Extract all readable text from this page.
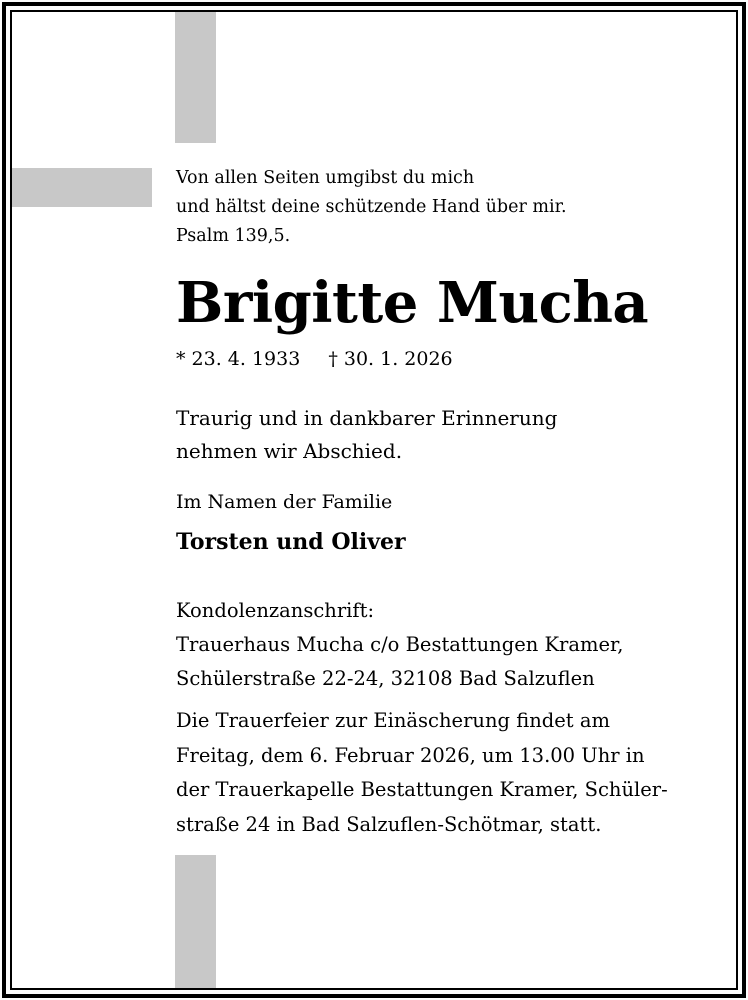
Von allen Seiten umgibst du mich
und hältst deine schützende Hand über mir.
Psalm 139,5.
Brigitte Mucha
* 23. 4. 1933 † 30. 1. 2026
Traurig und in dankbarer Erinnerung
nehmen wir Abschied.
Im Namen der Familie
Torsten und Oliver
Kondolenzanschrift:
Trauerhaus Mucha c/o Bestattungen Kramer,
Schülerstraße 22-24, 32108 Bad Salzuflen
Die Trauerfeier zur Einäscherung findet am
Freitag, dem 6. Februar 2026, um 13.00 Uhr in
der Trauerkapelle Bestattungen Kramer, Schüler-
straße 24 in Bad Salzuflen-Schötmar, statt.
